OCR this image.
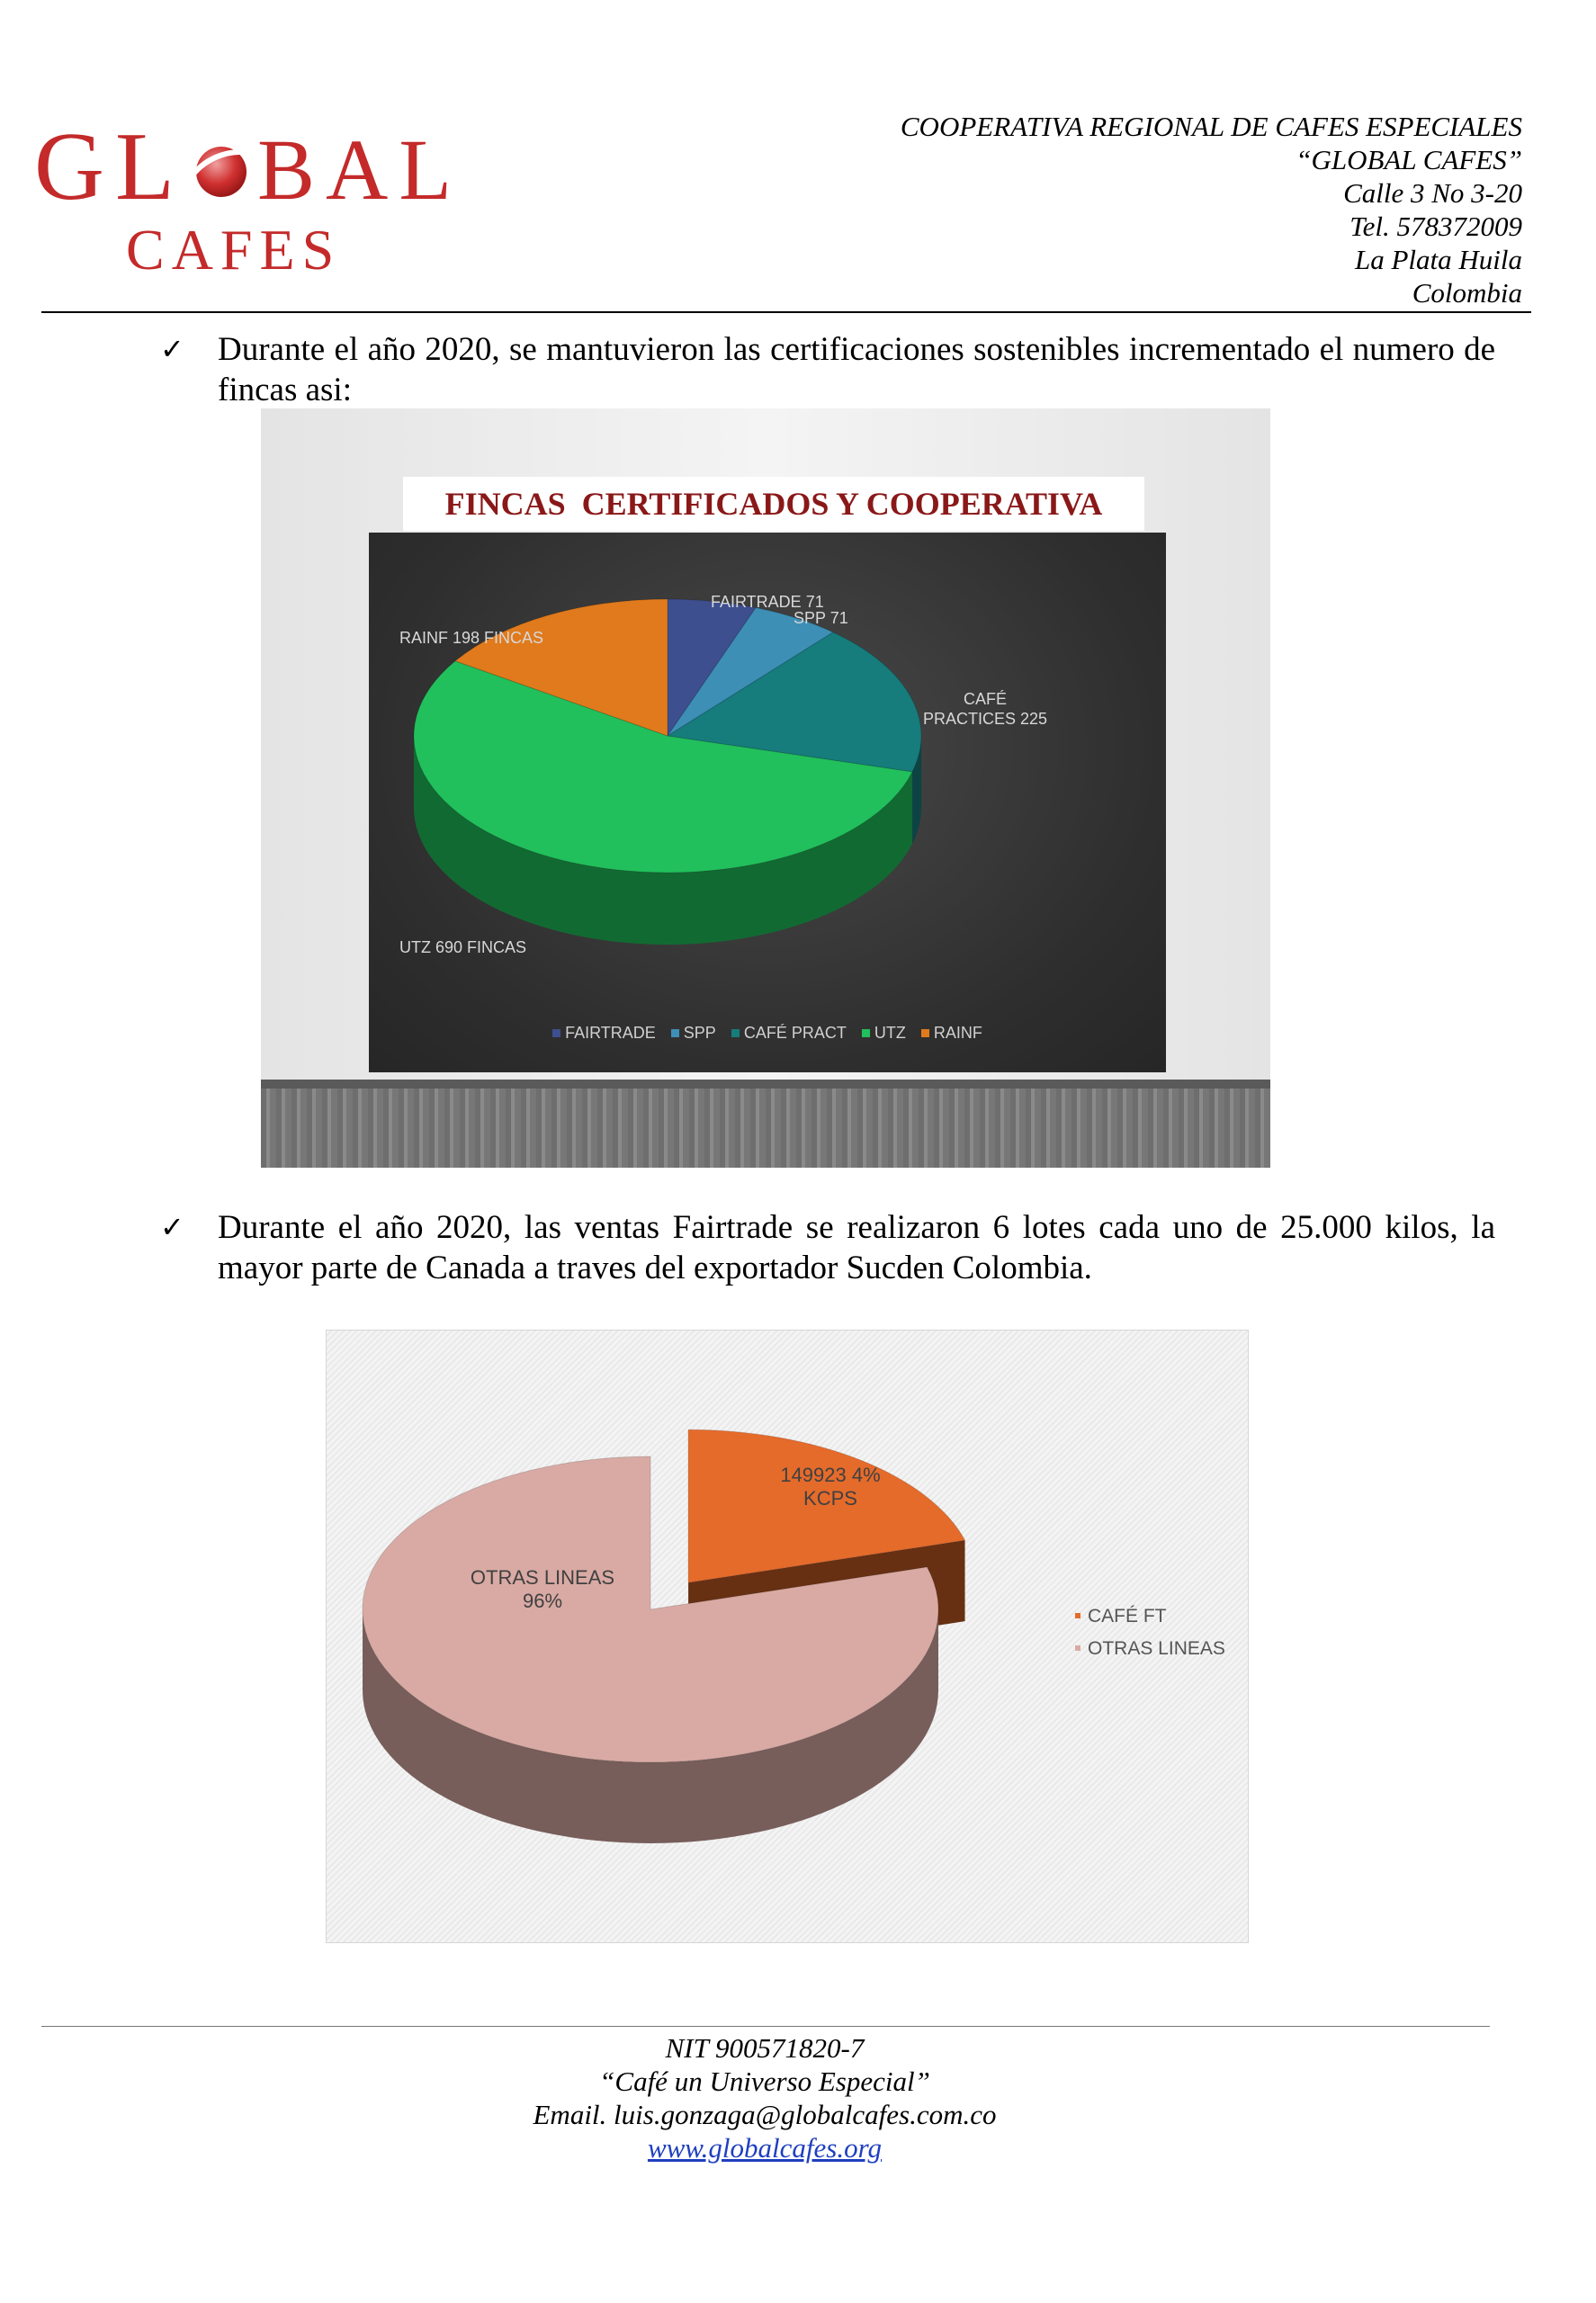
GL BAL
CAFES
COOPERATIVA REGIONAL DE CAFES ESPECIALES
“GLOBAL CAFES”
Calle 3 No 3-20
Tel. 578372009
La Plata Huila
Colombia
✓ Durante el año 2020, se mantuvieron las certificaciones sostenibles incrementado el numero de fincas asi:
FINCAS  CERTIFICADOS Y COOPERATIVA
FAIRTRADE 71
SPP 71
CAFÉ PRACTICES 225
UTZ 690 FINCAS
RAINF 198 FINCAS
FAIRTRADE SPP CAFÉ PRACT UTZ RAINF
✓ Durante el año 2020, las ventas Fairtrade se realizaron 6 lotes cada uno de 25.000 kilos, la mayor parte de Canada a traves del exportador Sucden Colombia.
149923 4% KCPS
OTRAS LINEAS 96%
CAFÉ FT
OTRAS LINEAS
NIT 900571820-7
“Café un Universo Especial”
Email. luis.gonzaga@globalcafes.com.co
www.globalcafes.org
